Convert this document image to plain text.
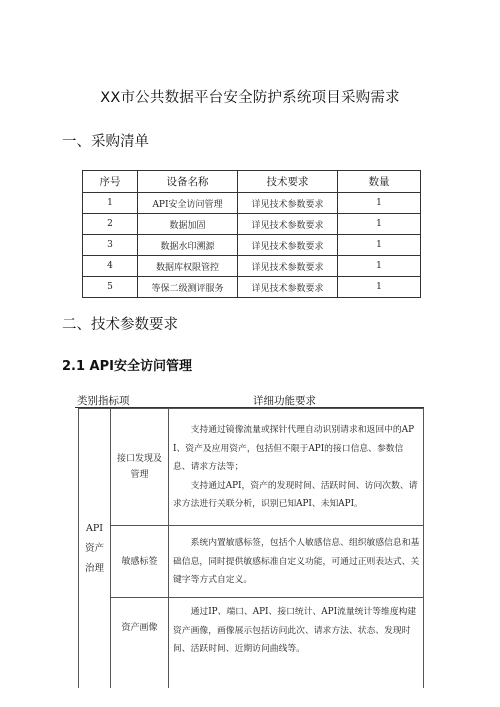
XX市公共数据平台安全防护系统项目采购需求
一、采购清单
序号	设备名称	技术要求	数量
1	API安全访问管理	详见技术参数要求	1
2	数据加固	详见技术参数要求	1
3	数据水印溯源	详见技术参数要求	1
4	数据库权限管控	详见技术参数要求	1
5	等保二级测评服务	详见技术参数要求	1
二、技术参数要求
2.1 API安全访问管理
类别指标项	详细功能要求
API资产治理	接口发现及管理	支持通过镜像流量或探针代理自动识别请求和返回中的API、资产及应用资产，包括但不限于API的接口信息、参数信息、请求方法等；

支持通过API，资产的发现时间、活跃时间、访问次数、请求方法进行关联分析，识别已知API、未知API。

	敏感标签	系统内置敏感标签，包括个人敏感信息、组织敏感信息和基础信息，同时提供敏感标准自定义功能，可通过正则表达式、关键字等方式自定义。

	资产画像	通过IP、端口、API、接口统计、API流量统计等维度构建资产画像，画像展示包括访问此次、请求方法、状态、发现时间、活跃时间、近期访问曲线等。
